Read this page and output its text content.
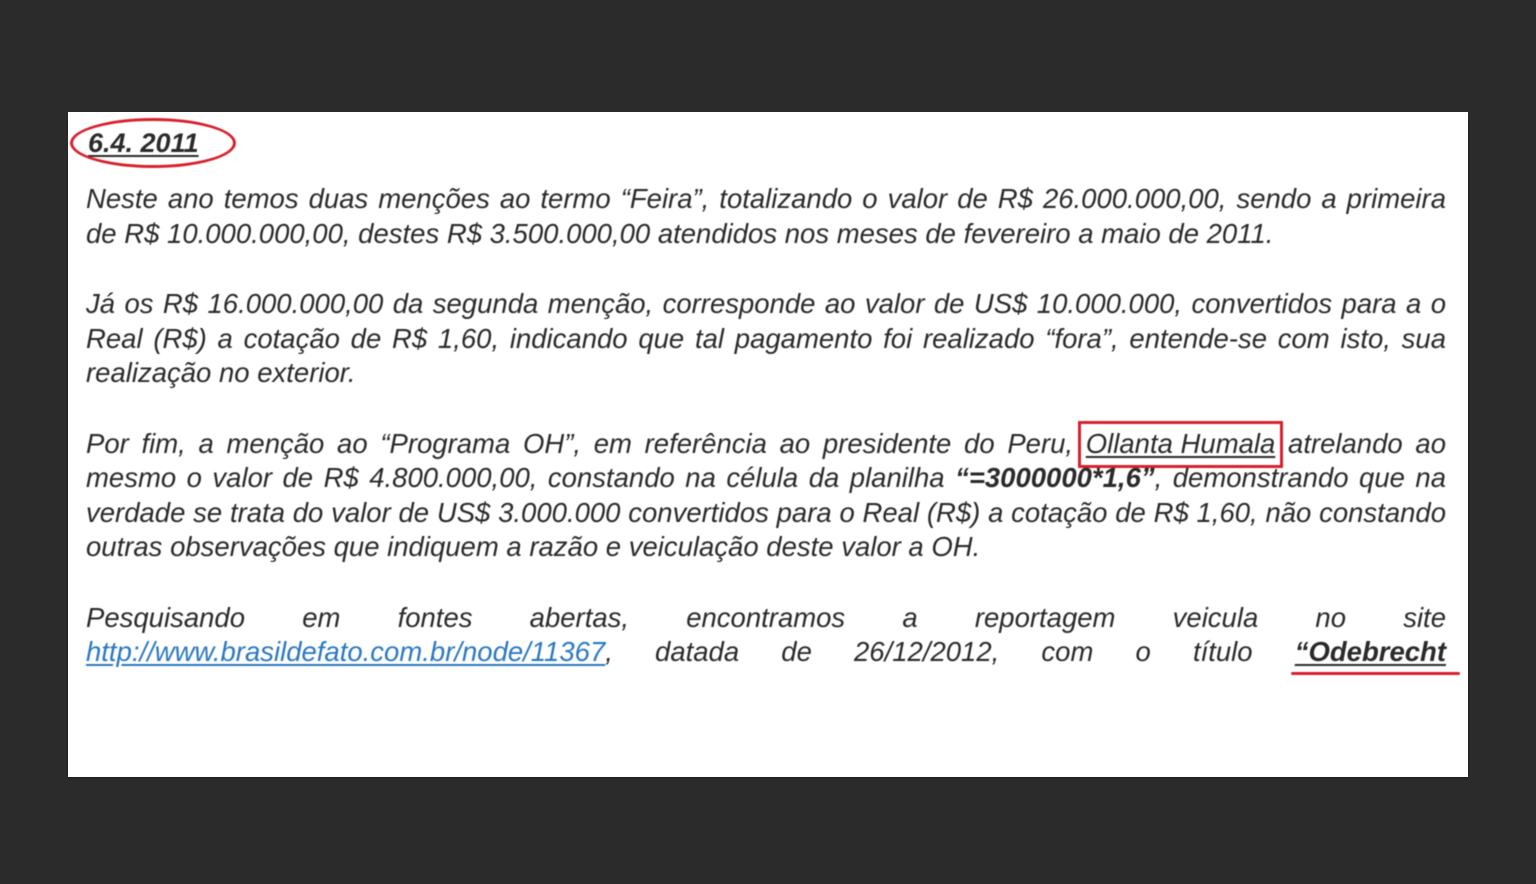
6.4. 2011

Neste ano temos duas menções ao termo “Feira”, totalizando o valor de R$ 26.000.000,00, sendo a primeira de R$ 10.000.000,00, destes R$ 3.500.000,00 atendidos nos meses de fevereiro a maio de 2011.

Já os R$ 16.000.000,00 da segunda menção, corresponde ao valor de US$ 10.000.000, convertidos para a o Real (R$) a cotação de R$ 1,60, indicando que tal pagamento foi realizado “fora”, entende-se com isto, sua realização no exterior.

Por fim, a menção ao “Programa OH”, em referência ao presidente do Peru, Ollanta Humala atrelando ao mesmo o valor de R$ 4.800.000,00, constando na célula da planilha “=3000000*1,6”, demonstrando que na verdade se trata do valor de US$ 3.000.000 convertidos para o Real (R$) a cotação de R$ 1,60, não constando outras observações que indiquem a razão e veiculação deste valor a OH.

Pesquisando em fontes abertas, encontramos a reportagem veicula no site http://www.brasildefato.com.br/node/11367, datada de 26/12/2012, com o título “Odebrecht
